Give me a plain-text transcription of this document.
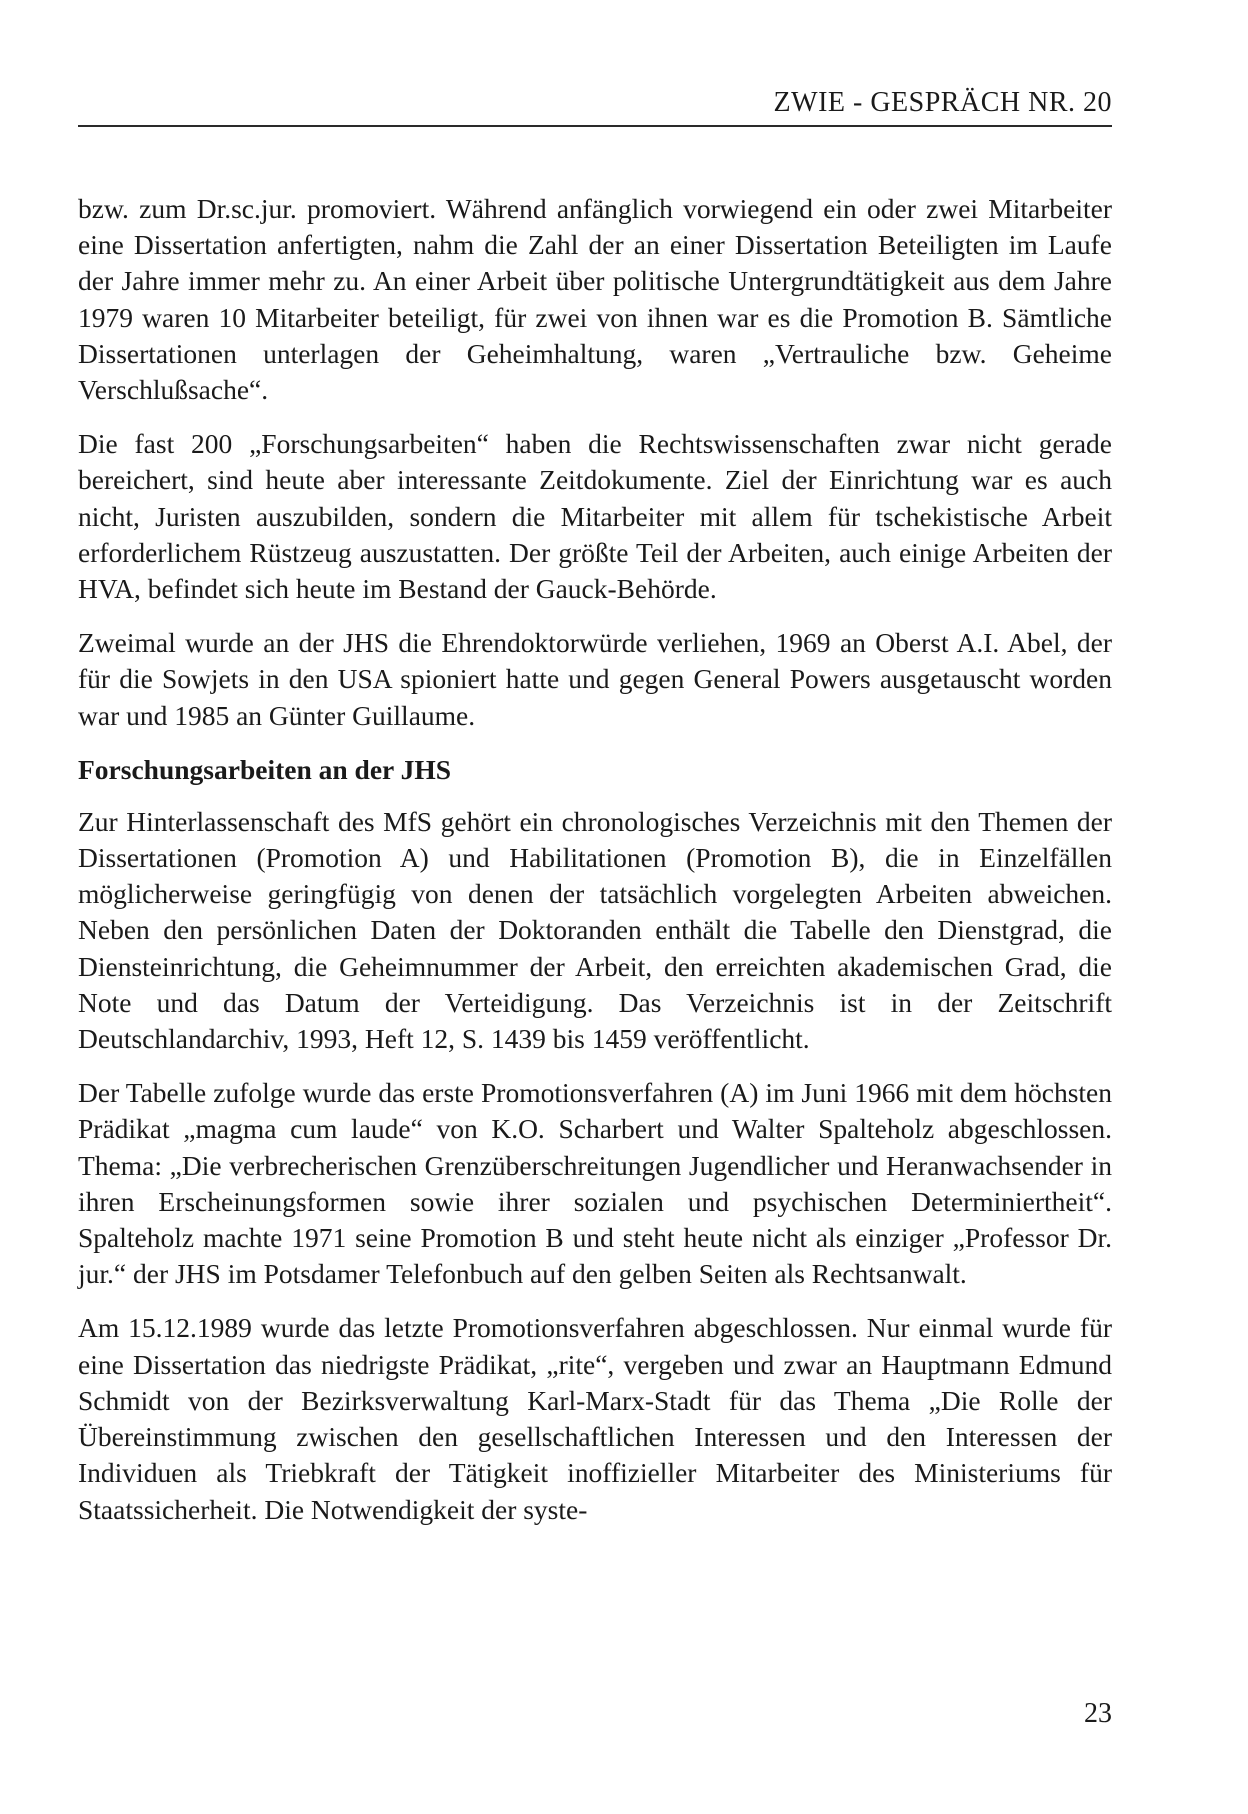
ZWIE - GESPRÄCH NR. 20

bzw. zum Dr.sc.jur. promoviert. Während anfänglich vorwiegend ein oder zwei Mitarbeiter eine Dissertation anfertigten, nahm die Zahl der an einer Dissertation Beteiligten im Laufe der Jahre immer mehr zu. An einer Arbeit über politische Untergrundtätigkeit aus dem Jahre 1979 waren 10 Mitarbeiter beteiligt, für zwei von ihnen war es die Promotion B. Sämtliche Dissertationen unterlagen der Geheimhaltung, waren „Vertrauliche bzw. Geheime Verschlußsache“.

Die fast 200 „Forschungsarbeiten“ haben die Rechtswissenschaften zwar nicht gerade bereichert, sind heute aber interessante Zeitdokumente. Ziel der Einrichtung war es auch nicht, Juristen auszubilden, sondern die Mitarbeiter mit allem für tschekistische Arbeit erforderlichem Rüstzeug auszustatten. Der größte Teil der Arbeiten, auch einige Arbeiten der HVA, befindet sich heute im Bestand der Gauck-Behörde.

Zweimal wurde an der JHS die Ehrendoktorwürde verliehen, 1969 an Oberst A.I. Abel, der für die Sowjets in den USA spioniert hatte und gegen General Powers ausgetauscht worden war und 1985 an Günter Guillaume.

Forschungsarbeiten an der JHS

Zur Hinterlassenschaft des MfS gehört ein chronologisches Verzeichnis mit den Themen der Dissertationen (Promotion A) und Habilitationen (Promotion B), die in Einzelfällen möglicherweise geringfügig von denen der tatsächlich vorgelegten Arbeiten abweichen. Neben den persönlichen Daten der Doktoranden enthält die Tabelle den Dienstgrad, die Diensteinrichtung, die Geheimnummer der Arbeit, den erreichten akademischen Grad, die Note und das Datum der Verteidigung. Das Verzeichnis ist in der Zeitschrift Deutschlandarchiv, 1993, Heft 12, S. 1439 bis 1459 veröffentlicht.

Der Tabelle zufolge wurde das erste Promotionsverfahren (A) im Juni 1966 mit dem höchsten Prädikat „magma cum laude“ von K.O. Scharbert und Walter Spalteholz abgeschlossen. Thema: „Die verbrecherischen Grenzüberschreitungen Jugendlicher und Heranwachsender in ihren Erscheinungsformen sowie ihrer sozialen und psychischen Determiniertheit“. Spalteholz machte 1971 seine Promotion B und steht heute nicht als einziger „Professor Dr. jur.“ der JHS im Potsdamer Telefonbuch auf den gelben Seiten als Rechtsanwalt.

Am 15.12.1989 wurde das letzte Promotionsverfahren abgeschlossen. Nur einmal wurde für eine Dissertation das niedrigste Prädikat, „rite“, vergeben und zwar an Hauptmann Edmund Schmidt von der Bezirksverwaltung Karl-Marx-Stadt für das Thema „Die Rolle der Übereinstimmung zwischen den gesellschaftlichen Interessen und den Interessen der Individuen als Triebkraft der Tätigkeit inoffizieller Mitarbeiter des Ministeriums für Staatssicherheit. Die Notwendigkeit der syste-

23
